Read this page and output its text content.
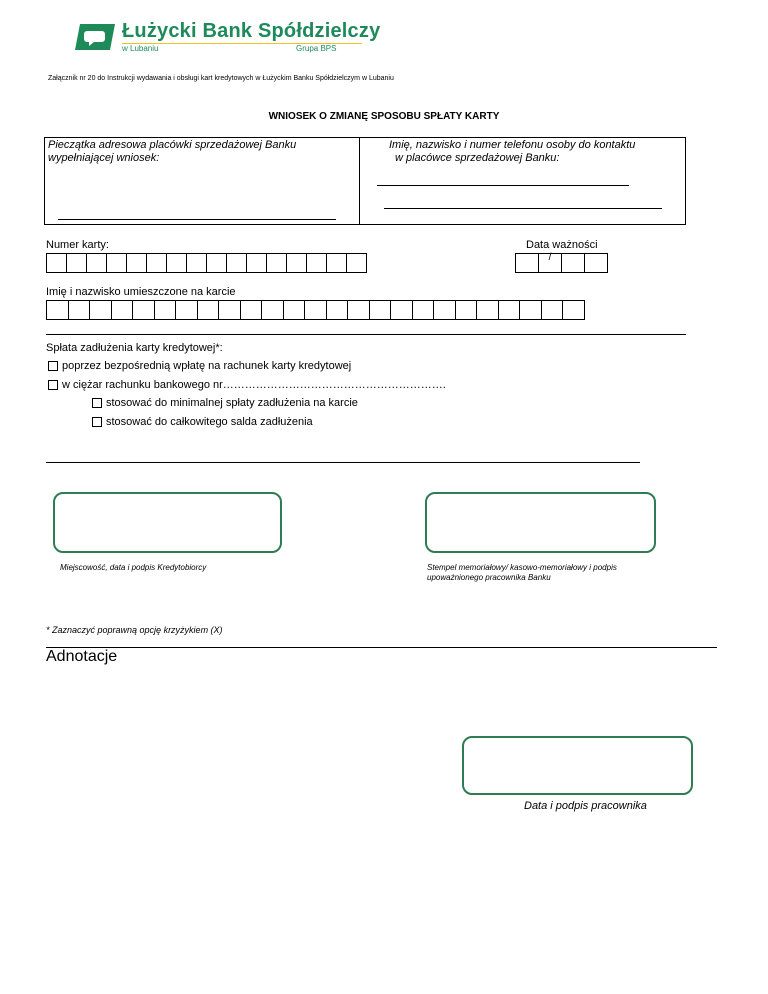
Łużycki Bank Spółdzielczy
w Lubaniu	Grupa BPS
Załącznik nr 20 do Instrukcji wydawania i obsługi kart kredytowych w Łużyckim Banku Spółdzielczym w Lubaniu
WNIOSEK O ZMIANĘ SPOSOBU SPŁATY KARTY
Pieczątka adresowa placówki sprzedażowej Banku
wypełniającej wniosek:
Imię, nazwisko i numer telefonu osoby do kontaktu
w placówce sprzedażowej Banku:
Numer karty:	Data ważności
/
Imię i nazwisko umieszczone na karcie
Spłata zadłużenia karty kredytowej*:
poprzez bezpośrednią wpłatę na rachunek karty kredytowej
w ciężar rachunku bankowego nr…………………………………………………….
stosować do minimalnej spłaty zadłużenia na karcie
stosować do całkowitego salda zadłużenia
Miejscowość, data i podpis Kredytobiorcy	Stempel memoriałowy/ kasowo-memoriałowy i podpis
upoważnionego pracownika Banku
* Zaznaczyć poprawną opcję krzyżykiem (X)
Adnotacje
Data i podpis pracownika
